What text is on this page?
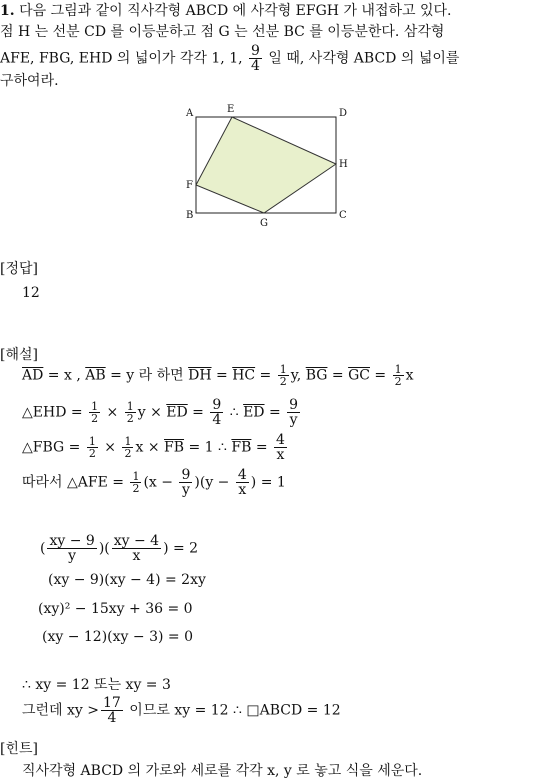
1. 다음 그림과 같이 직사각형 ABCD 에 사각형 EFGH 가 내접하고 있다.
점 H 는 선분 CD 를 이등분하고 점 G 는 선분 BC 를 이등분한다. 삼각형
AFE, FBG, EHD 의 넓이가 각각 1, 1, $\frac{9}{4}$ 일 때, 사각형 ABCD 의 넓이를
구하여라.
A	E	D
F
H
B
G
C
[정답]
12
[해설]
$\overline{AD} = x$ , $\overline{AB} = y$ 라 하면 $\overline{DH} = \overline{HC} = \frac{1}{2} y$, $\overline{BG} = \overline{GC} = \frac{1}{2}$ x
△EHD = $\frac{1}{2} \times \frac{1}{2}$ $y \times \overline{ED} = \frac{9}{4}$ ∴ $\overline{ED} = \frac{9}{y}$
△FBG = $\frac{1}{2} \times \frac{1}{2}$ $x \times \overline{FB} = 1$ ∴ $\overline{FB} = \frac{4}{x}$
따라서 △AFE = $\frac{1}{2} (x - \frac{9}{y} )(y - \frac{4}{x}$ ) = 1
( $\frac{xy - 9}{y}$ )( $\frac{xy - 4}{x}$ ) = 2
(xy − 9)(xy − 4) = 2xy
(xy)² − 15xy + 36 = 0
(xy − 12)(xy − 3) = 0
∴ xy = 12 또는 xy = 3
그런데 xy > $\frac{17}{4}$ 이므로 xy = 12 ∴ □ABCD = 12
[힌트]
직사각형 ABCD 의 가로와 세로를 각각 x, y 로 놓고 식을 세운다.
